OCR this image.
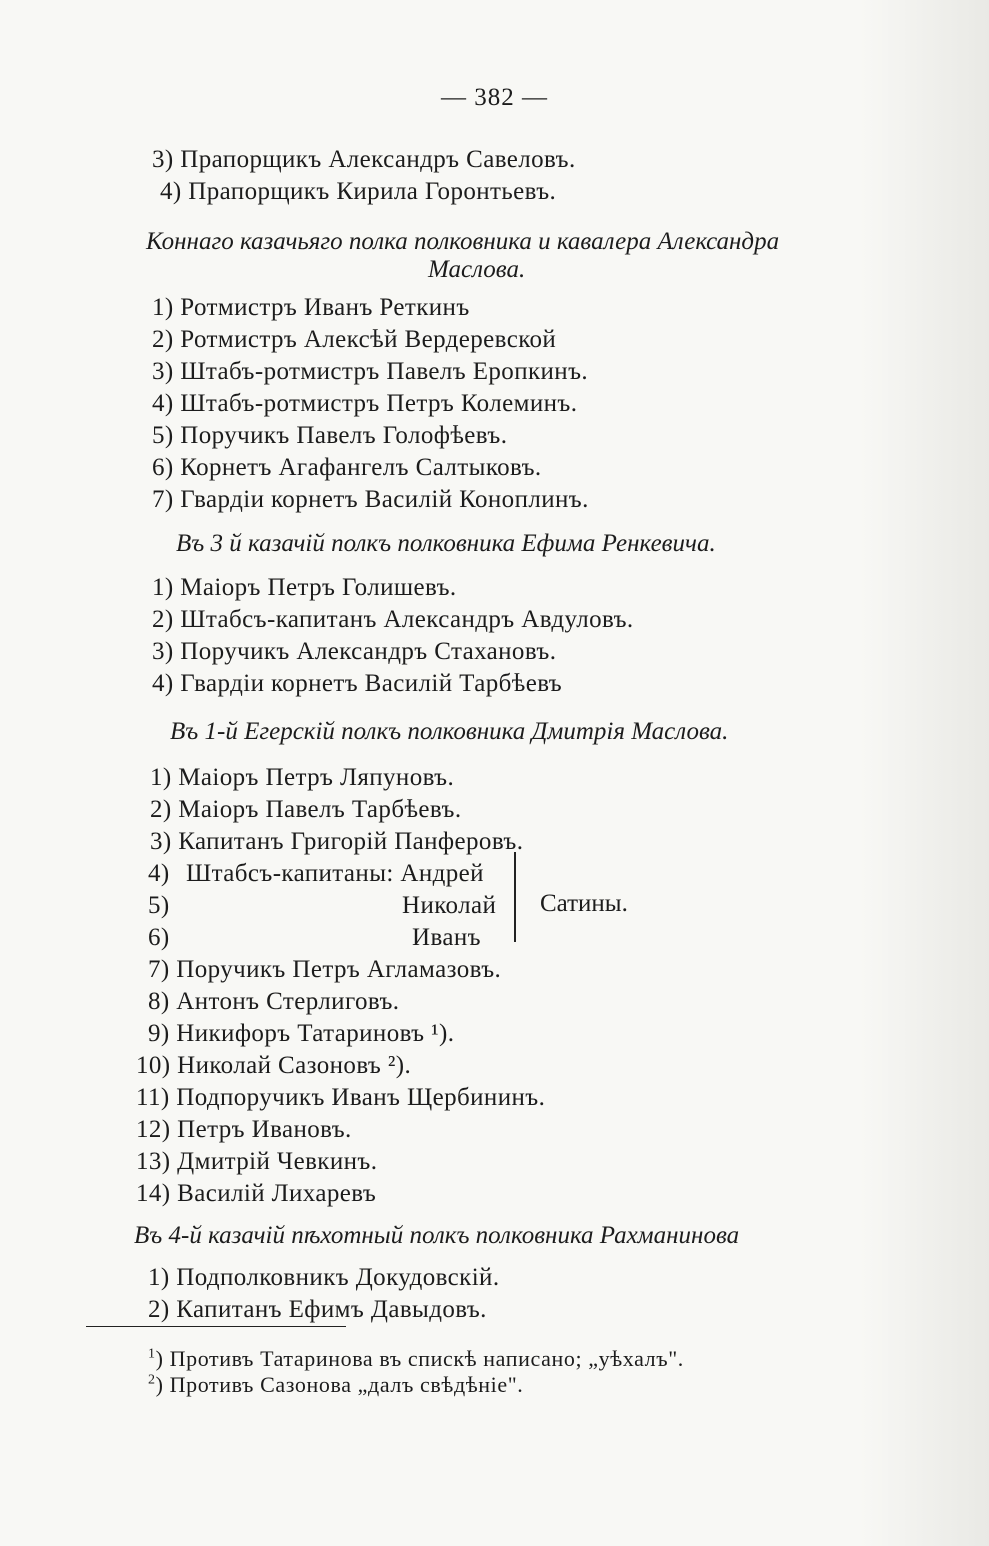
— 382 —
3) Прапорщикъ Александръ Савеловъ.
4) Прапорщикъ Кирила Горонтьевъ.
Коннаго казачьяго полка полковника и кавалера Александра
Маслова.
1) Ротмистръ Иванъ Реткинъ
2) Ротмистръ Алексѣй Вердеревской
3) Штабъ-ротмистръ Павелъ Еропкинъ.
4) Штабъ-ротмистръ Петръ Колеминъ.
5) Поручикъ Павелъ Голофѣевъ.
6) Корнетъ Агафангелъ Салтыковъ.
7) Гвардіи корнетъ Василій Коноплинъ.
Въ 3 й казачій полкъ полковника Ефима Ренкевича.
1) Маіоръ Петръ Голишевъ.
2) Штабсъ-капитанъ Александръ Авдуловъ.
3) Поручикъ Александръ Стахановъ.
4) Гвардіи корнетъ Василій Тарбѣевъ
Въ 1-й Егерскій полкъ полковника Дмитрія Маслова.
1) Маіоръ Петръ Ляпуновъ.
2) Маіоръ Павелъ Тарбѣевъ.
3) Капитанъ Григорій Панферовъ.
4) Штабсъ-капитаны: Андрей
5)	Николай
6)	Иванъ
Сатины.
7) Поручикъ Петръ Агламазовъ.
8) Антонъ Стерлиговъ.
9) Никифоръ Татариновъ ¹).
10) Николай Сазоновъ ²).
11) Подпоручикъ Иванъ Щербининъ.
12) Петръ Ивановъ.
13) Дмитрій Чевкинъ.
14) Василій Лихаревъ
Въ 4-й казачій пѣхотный полкъ полковника Рахманинова
1) Подполковникъ Докудовскій.
2) Капитанъ Ефимъ Давыдовъ.
$^1$) Противъ Татаринова въ спискѣ написано; „уѣхалъ".
$^2$) Противъ Сазонова „далъ свѣдѣніе".
